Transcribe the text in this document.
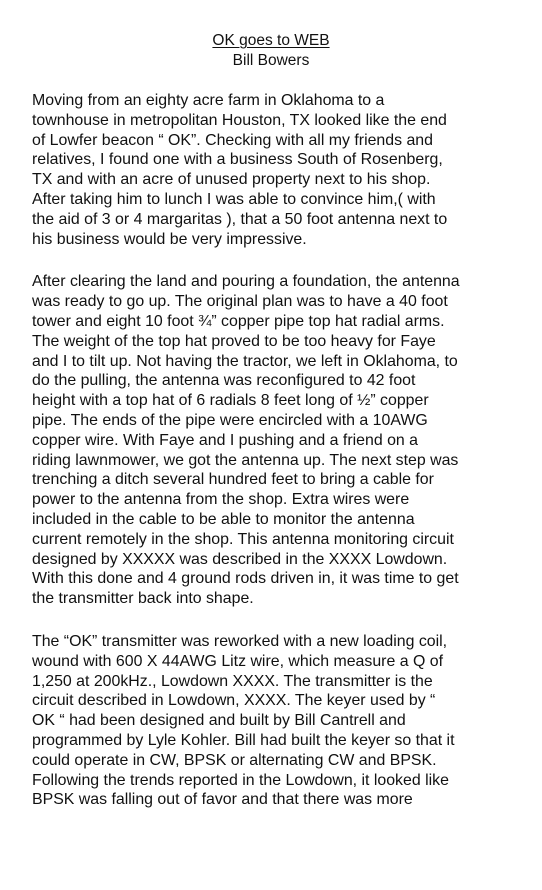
OK goes to WEB
Bill Bowers
Moving from an eighty acre farm in Oklahoma to a
townhouse in metropolitan Houston, TX looked like the end
of Lowfer beacon “ OK”. Checking with all my friends and
relatives, I found one with a business South of Rosenberg,
TX and with an acre of unused property next to his shop.
After taking him to lunch I was able to convince him,( with
the aid of 3 or 4 margaritas ), that a 50 foot antenna next to
his business would be very impressive.
After clearing the land and pouring a foundation, the antenna
was ready to go up. The original plan was to have a 40 foot
tower and eight 10 foot ¾” copper pipe top hat radial arms.
The weight of the top hat proved to be too heavy for Faye
and I to tilt up. Not having the tractor, we left in Oklahoma, to
do the pulling, the antenna was reconfigured to 42 foot
height with a top hat of 6 radials 8 feet long of ½” copper
pipe. The ends of the pipe were encircled with a 10AWG
copper wire. With Faye and I pushing and a friend on a
riding lawnmower, we got the antenna up. The next step was
trenching a ditch several hundred feet to bring a cable for
power to the antenna from the shop. Extra wires were
included in the cable to be able to monitor the antenna
current remotely in the shop. This antenna monitoring circuit
designed by XXXXX was described in the XXXX Lowdown.
With this done and 4 ground rods driven in, it was time to get
the transmitter back into shape.
The “OK” transmitter was reworked with a new loading coil,
wound with 600 X 44AWG Litz wire, which measure a Q of
1,250 at 200kHz., Lowdown XXXX. The transmitter is the
circuit described in Lowdown, XXXX. The keyer used by “
OK “ had been designed and built by Bill Cantrell and
programmed by Lyle Kohler. Bill had built the keyer so that it
could operate in CW, BPSK or alternating CW and BPSK.
Following the trends reported in the Lowdown, it looked like
BPSK was falling out of favor and that there was more
